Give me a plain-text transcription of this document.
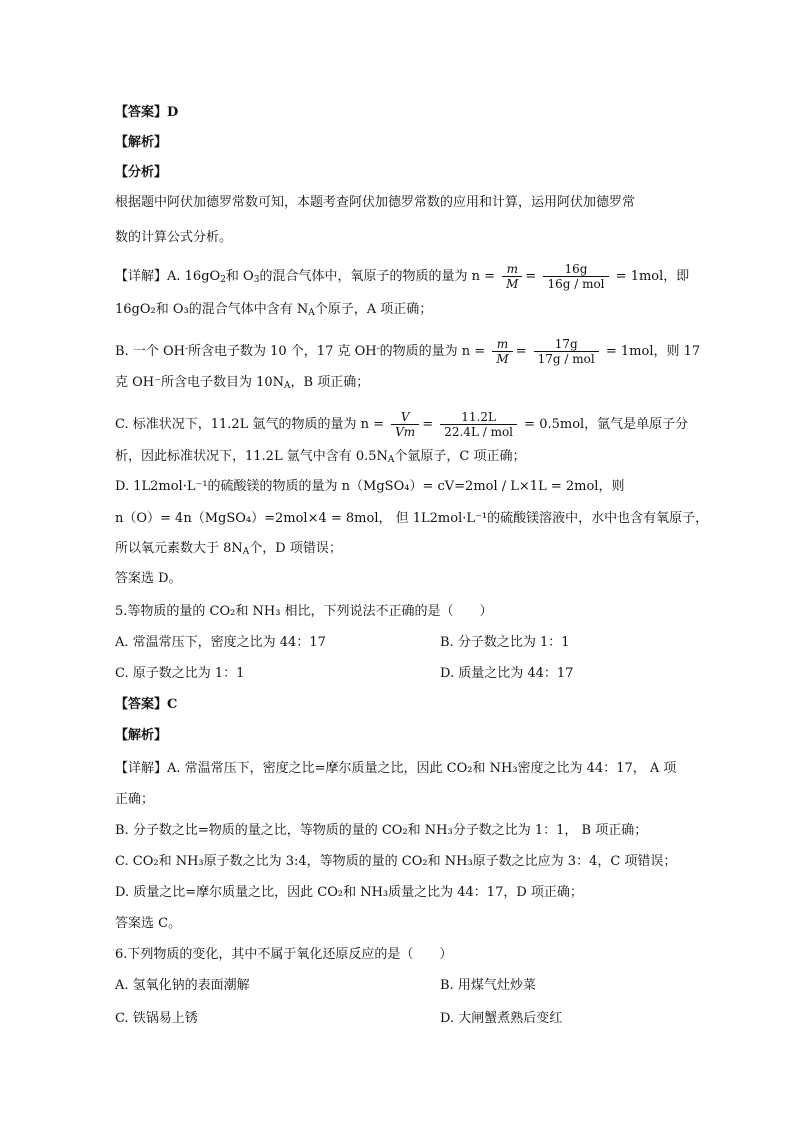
【答案】D
【解析】
【分析】
根据题中阿伏加德罗常数可知，本题考查阿伏加德罗常数的应用和计算，运用阿伏加德罗常
数的计算公式分析。
【详解】A. $16gO_2$和 $O_3$的混合气体中，氧原子的物质的量为 $n = \frac{m}{M} = \frac{16g}{\text{16g / mol}} = 1mol$，即
16gO₂和 O₃的混合气体中含有 $N_A$个原子，A 项正确；
B. 一个 OH-所含电子数为 10 个，17 克 OH-的物质的量为 $n = \frac{m}{M} = \frac{17g}{\text{17g / mol}} = 1mol$，则 17
克 OH⁻所含电子数目为 $10N_A$，B 项正确；
C. 标准状况下，11.2L 氩气的物质的量为 $n = \frac{V}{Vm} = \frac{11.2L}{\text{22.4L / mol}} = 0.5mol$，氩气是单原子分
析，因此标准状况下，11.2L 氩气中含有 $0.5N_A$个氩原子，C 项正确；
D. 1L2mol·L⁻¹的硫酸镁的物质的量为 n（MgSO₄）= cV=2mol / L×1L = 2mol，则
n（O）= 4n（MgSO₄）=2mol×4 = 8mol， 但 1L2mol·L⁻¹的硫酸镁溶液中，水中也含有氧原子，
所以氧元素数大于 $8N_A$个，D 项错误；
答案选 D。
5.等物质的量的 CO₂和 NH₃ 相比，下列说法不正确的是（　　）
A. 常温常压下，密度之比为 44：17	B. 分子数之比为 1：1
C. 原子数之比为 1：1	D. 质量之比为 44：17
【答案】C
【解析】
【详解】A. 常温常压下，密度之比=摩尔质量之比，因此 CO₂和 NH₃密度之比为 44：17， A 项
正确；
B. 分子数之比=物质的量之比，等物质的量的 CO₂和 NH₃分子数之比为 1：1， B 项正确；
C. CO₂和 NH₃原子数之比为 3:4，等物质的量的 CO₂和 NH₃原子数之比应为 3：4，C 项错误；
D. 质量之比=摩尔质量之比，因此 CO₂和 NH₃质量之比为 44：17，D 项正确；
答案选 C。
6.下列物质的变化，其中不属于氧化还原反应的是（　　）
A. 氢氧化钠的表面潮解	B. 用煤气灶炒菜
C. 铁锅易上锈	D. 大闸蟹煮熟后变红
